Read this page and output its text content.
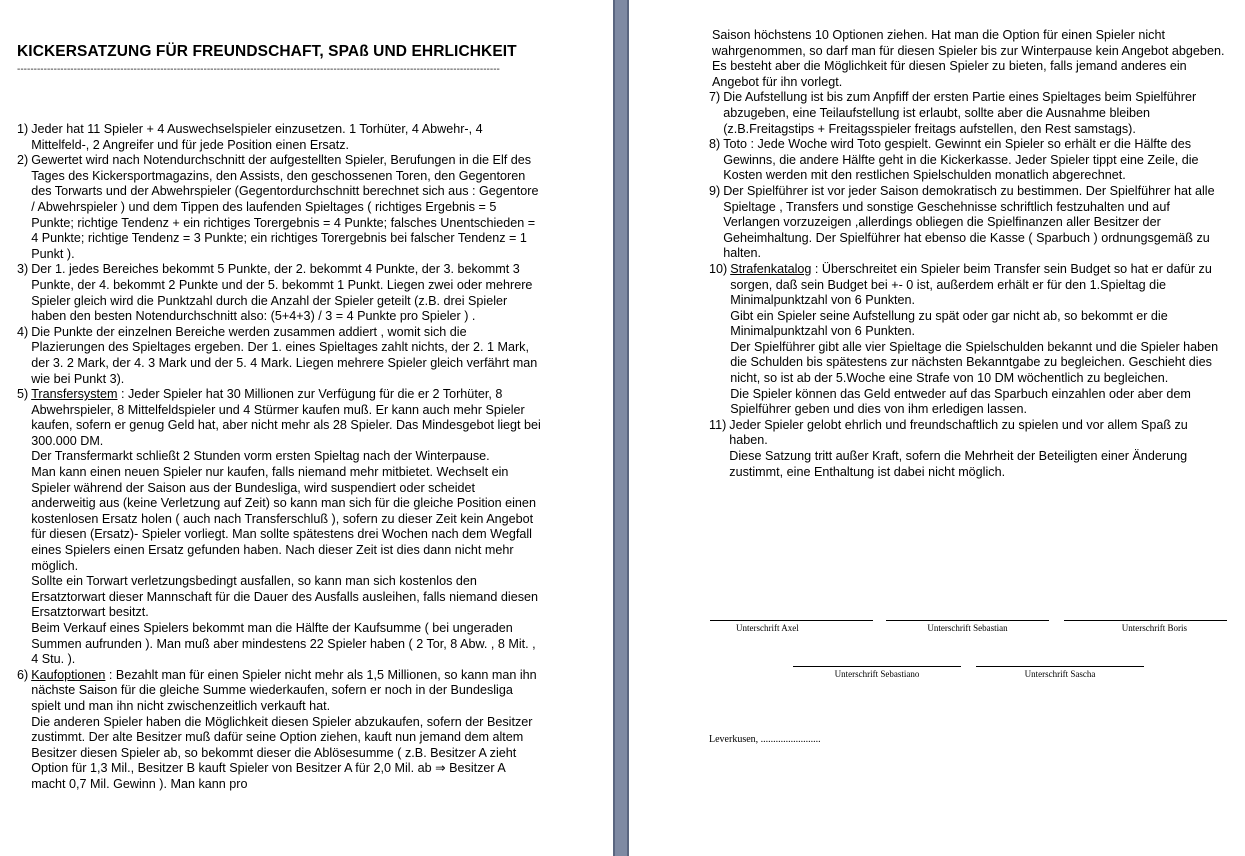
KICKERSATZUNG FÜR FREUNDSCHAFT, SPAß UND EHRLICHKEIT
-------------------------------------------------------------------------------------------------------------------------------------------------
1) Jeder hat 11 Spieler + 4 Auswechselspieler einzusetzen. 1 Torhüter, 4 Abwehr-, 4 Mittelfeld-, 2 Angreifer und für jede Position einen Ersatz.

2) Gewertet wird nach Notendurchschnitt der aufgestellten Spieler, Berufungen in die Elf des Tages des Kickersportmagazins, den Assists, den geschossenen Toren, den Gegentoren des Torwarts und der Abwehrspieler (Gegentordurchschnitt berechnet sich aus : Gegentore / Abwehrspieler ) und dem Tippen des laufenden Spieltages ( richtiges Ergebnis = 5 Punkte; richtige Tendenz + ein richtiges Torergebnis = 4 Punkte; falsches Unentschieden = 4 Punkte; richtige Tendenz = 3 Punkte; ein richtiges Torergebnis bei falscher Tendenz = 1 Punkt ).

3) Der 1. jedes Bereiches bekommt 5 Punkte, der 2. bekommt 4 Punkte, der 3. bekommt 3 Punkte, der 4. bekommt 2 Punkte und der 5. bekommt 1 Punkt. Liegen zwei oder mehrere Spieler gleich wird die Punktzahl durch die Anzahl der Spieler geteilt (z.B. drei Spieler haben den besten Notendurchschnitt also: (5+4+3) / 3 = 4 Punkte pro Spieler ) .

4) Die Punkte der einzelnen Bereiche werden zusammen addiert , womit sich die Plazierungen des Spieltages ergeben. Der 1. eines Spieltages zahlt nichts, der 2. 1 Mark, der 3. 2 Mark, der 4. 3 Mark und der 5. 4 Mark. Liegen mehrere Spieler gleich verfährt man wie bei Punkt 3).

5) Transfersystem : Jeder Spieler hat 30 Millionen zur Verfügung für die er 2 Torhüter, 8 Abwehrspieler, 8 Mittelfeldspieler und 4 Stürmer kaufen muß. Er kann auch mehr Spieler kaufen, sofern er genug Geld hat, aber nicht mehr als 28 Spieler. Das Mindesgebot liegt bei 300.000 DM.

Der Transfermarkt schließt 2 Stunden vorm ersten Spieltag nach der Winterpause.

Man kann einen neuen Spieler nur kaufen, falls niemand mehr mitbietet. Wechselt ein Spieler während der Saison aus der Bundesliga, wird suspendiert oder scheidet anderweitig aus (keine Verletzung auf Zeit) so kann man sich für die gleiche Position einen kostenlosen Ersatz holen ( auch nach Transferschluß ), sofern zu dieser Zeit kein Angebot für diesen (Ersatz)- Spieler vorliegt. Man sollte spätestens drei Wochen nach dem Wegfall eines Spielers einen Ersatz gefunden haben. Nach dieser Zeit ist dies dann nicht mehr möglich.

Sollte ein Torwart verletzungsbedingt ausfallen, so kann man sich kostenlos den Ersatztorwart dieser Mannschaft für die Dauer des Ausfalls ausleihen, falls niemand diesen Ersatztorwart besitzt.

Beim Verkauf eines Spielers bekommt man die Hälfte der Kaufsumme ( bei ungeraden Summen aufrunden ). Man muß aber mindestens 22 Spieler haben ( 2 Tor, 8 Abw. , 8 Mit. , 4 Stu. ).

6) Kaufoptionen : Bezahlt man für einen Spieler nicht mehr als 1,5 Millionen, so kann man ihn nächste Saison für die gleiche Summe wiederkaufen, sofern er noch in der Bundesliga spielt und man ihn nicht zwischenzeitlich verkauft hat.

Die anderen Spieler haben die Möglichkeit diesen Spieler abzukaufen, sofern der Besitzer zustimmt. Der alte Besitzer muß dafür seine Option ziehen, kauft nun jemand dem altem Besitzer diesen Spieler ab, so bekommt dieser die Ablösesumme ( z.B. Besitzer A zieht Option für 1,3 Mil., Besitzer B kauft Spieler von Besitzer A für 2,0 Mil. ab ⇒ Besitzer A macht 0,7 Mil. Gewinn ). Man kann pro

Saison höchstens 10 Optionen ziehen. Hat man die Option für einen Spieler nicht wahrgenommen, so darf man für diesen Spieler bis zur Winterpause kein Angebot abgeben. Es besteht aber die Möglichkeit für diesen Spieler zu bieten, falls jemand anderes ein Angebot für ihn vorlegt.

7) Die Aufstellung ist bis zum Anpfiff der ersten Partie eines Spieltages beim Spielführer abzugeben, eine Teilaufstellung ist erlaubt, sollte aber die Ausnahme bleiben (z.B.Freitagstips + Freitagsspieler freitags aufstellen, den Rest samstags).

8) Toto : Jede Woche wird Toto gespielt. Gewinnt ein Spieler so erhält er die Hälfte des Gewinns, die andere Hälfte geht in die Kickerkasse. Jeder Spieler tippt eine Zeile, die Kosten werden mit den restlichen Spielschulden monatlich abgerechnet.

9) Der Spielführer ist vor jeder Saison demokratisch zu bestimmen. Der Spielführer hat alle Spieltage , Transfers und sonstige Geschehnisse schriftlich festzuhalten und auf Verlangen vorzuzeigen ,allerdings obliegen die Spielfinanzen aller Besitzer der Geheimhaltung. Der Spielführer hat ebenso die Kasse ( Sparbuch ) ordnungsgemäß zu halten.

10) Strafenkatalog : Überschreitet ein Spieler beim Transfer sein Budget so hat er dafür zu sorgen, daß sein Budget bei +- 0 ist, außerdem erhält er für den 1.Spieltag die Minimalpunktzahl von 6 Punkten.

Gibt ein Spieler seine Aufstellung zu spät oder gar nicht ab, so bekommt er die Minimalpunktzahl von 6 Punkten.

Der Spielführer gibt alle vier Spieltage die Spielschulden bekannt und die Spieler haben die Schulden bis spätestens zur nächsten Bekanntgabe zu begleichen. Geschieht dies nicht, so ist ab der 5.Woche eine Strafe von 10 DM wöchentlich zu begleichen.

Die Spieler können das Geld entweder auf das Sparbuch einzahlen oder aber dem Spielführer geben und dies von ihm erledigen lassen.

11) Jeder Spieler gelobt ehrlich und freundschaftlich zu spielen und vor allem Spaß zu haben.

Diese Satzung tritt außer Kraft, sofern die Mehrheit der Beteiligten einer Änderung zustimmt, eine Enthaltung ist dabei nicht möglich.

Unterschrift Axel	Unterschrift Sebastian	Unterschrift Boris
Unterschrift Sebastiano	Unterschrift Sascha
Leverkusen, ........................
